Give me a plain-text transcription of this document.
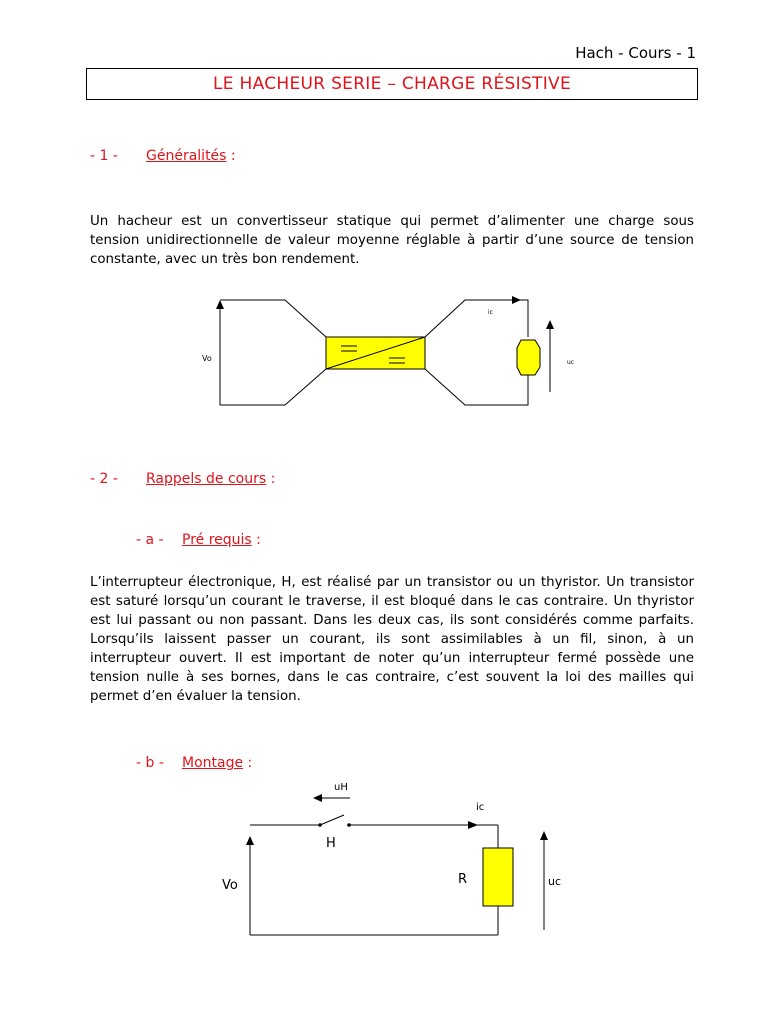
Hach - Cours - 1
LE HACHEUR SERIE – CHARGE RÉSISTIVE
- 1 - Généralités :
Un hacheur est un convertisseur statique qui permet d’alimenter une charge sous tension unidirectionnelle de valeur moyenne réglable à partir d’une source de tension constante, avec un très bon rendement.
Vo
ic
uc
- 2 - Rappels de cours :
- a - Pré requis :
L’interrupteur électronique, H, est réalisé par un transistor ou un thyristor. Un transistor est saturé lorsqu’un courant le traverse, il est bloqué dans le cas contraire. Un thyristor est lui passant ou non passant. Dans les deux cas, ils sont considérés comme parfaits. Lorsqu’ils laissent passer un courant, ils sont assimilables à un fil, sinon, à un interrupteur ouvert. Il est important de noter qu’un interrupteur fermé possède une tension nulle à ses bornes, dans le cas contraire, c’est souvent la loi des mailles qui permet d’en évaluer la tension.
- b - Montage :
uH
H
ic
R
Vo	uc
